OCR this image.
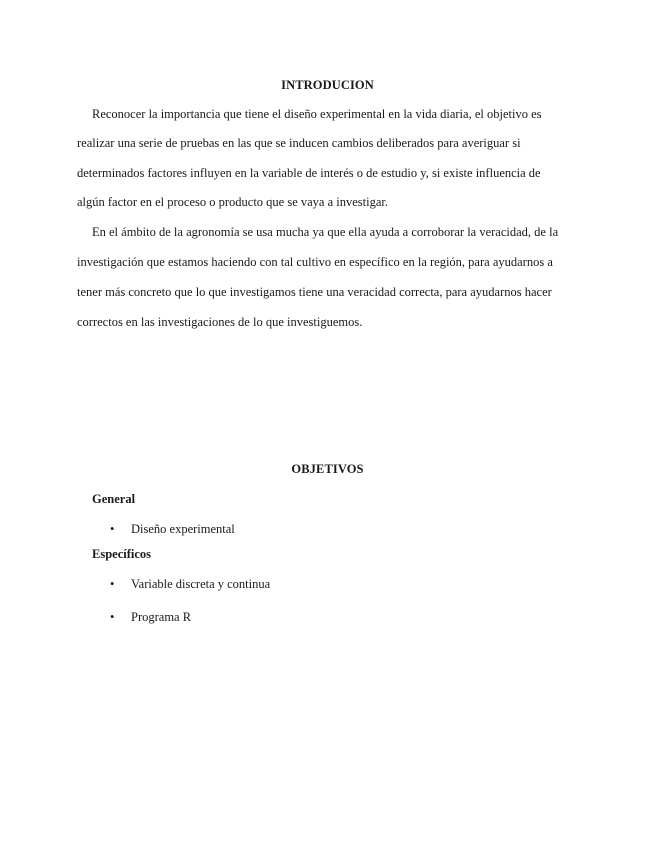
INTRODUCION
Reconocer la importancia que tiene el diseño experimental en la vida diaria, el objetivo es
realizar una serie de pruebas en las que se inducen cambios deliberados para averiguar si
determinados factores influyen en la variable de interés o de estudio y, si existe influencia de
algún factor en el proceso o producto que se vaya a investigar.
En el ámbito de la agronomía se usa mucha ya que ella ayuda a corroborar la veracidad, de la
investigación que estamos haciendo con tal cultivo en específico en la región, para ayudarnos a
tener más concreto que lo que investigamos tiene una veracidad correcta, para ayudarnos hacer
correctos en las investigaciones de lo que investiguemos.
OBJETIVOS
General
• Diseño experimental
Específicos
• Variable discreta y continua
• Programa R
